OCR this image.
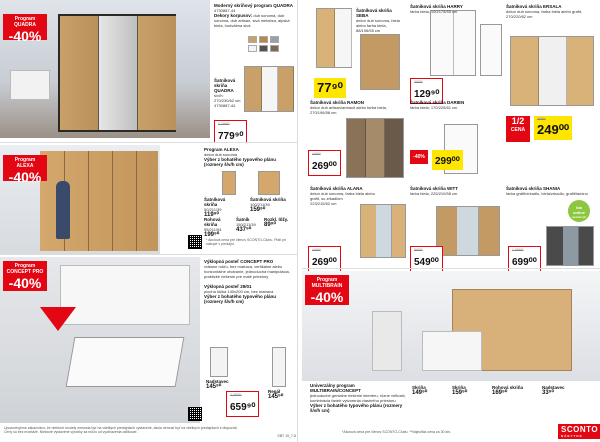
Program
QUADRA
-40%
Moderný skriňový program QUADRA
4730887-44
Dekory korpusov: dub sonoma, dub sonoma, dub artisan, sivá metalíza, alpská biela, hodvábna sivá
Šatníková skriňa QUADRA
š/v/h: 270/230/62 cm
4730887-44
1 299⁰⁰
779⁹⁰
Program
ALEXA
-40%
Program ALEXA
dekor dub sonoma
Výber z bohatého typového plánu (rozmery š/v/h cm)
Šatníková skriňa
50/211/39
119⁹⁰
Šatníková skriňa
100/211/39
159⁹⁰
Rohová skriňa
95/211/94
199⁹⁰
Šatník
150/211/39
437⁹⁰
Rozkl. lôžy.
89⁹⁰
* Akciová cena pre členov SCONTO-Clubu. Platí pri nákupe v predajni.
Program
CONCEPT PRO
-40%
Výklopná posteľ CONCEPT PRO
vrátane rošťu, bez matraca, vertikálne alebo horizontálne otváranie, jednoduchá manipulácia, praktické riešenie pre malé priestory

Výklopná posteľ 29/01
plocha lôžka 140x200 cm, bez matraca
Výber z bohatého typového plánu (rozmery š/v/h cm)
Nadstavec
145⁹⁰
Regál
145⁹⁰
1 099⁰⁰
659⁹⁰
Upozorňujeme zákazníkov, že niektoré modely nemusia byť na všetkých predajniach vystavené, akcia nemusí byť na všetkých predajniach k dispozícii. Ceny sú bez montáže. Niektoré vystavené výrobky sa môžu od vyobrazenia odlišovať.
SBT 19_7-8
Šatníková skriňa SEBA
dekor dub sonoma, biela alebo farba biela, 88/196/55 cm
77⁹⁰
Šatníková skriňa HARRY
farba biela, 100/175/55 cm
259⁰⁰
129⁹⁰
Šatníková skriňa ERSALA
dekor dub sonoma, farba biela alebo grafit, 270/220/62 cm
1/2
CENA
499⁰⁰
249⁰⁰
Šatníková skriňa RAMON
dekor dub artisan/antracit alebo farba biela, 270/196/58 cm
449⁰⁰
269⁰⁰
Šatníková skriňa DARIEN
farba biela, 170/225/61 cm
-40%	299⁰⁰
Šatníková skriňa ALANA
dekor dub sonoma, farba biela alebo grafit, so zrkadlom
223/215/62 cm
449⁰⁰
269⁰⁰
Šatníková skriňa WITT
farba biela, 225/210/58 cm
899⁰⁰
549⁰⁰
Šatníková skriňa SHANIA
farba grafit/zrkadlo, biela/zrkadlo, grafit/lamino
iba
online
sconto.sk
1 099⁰⁰
699⁰⁰
Program
MULTIBRAIN
-40%
Univerzálny program MULTIBRAIN/CONCEPT
jednoduché genialne riešenie interiéru, rôzne veľkosti, kombinácia farieb vytvorenia vlastného priestoru
Výber z bohatého typového plánu (rozmery š/v/h cm)
Skriňa
149⁹⁰
Skriňa
159⁹⁰
Rohová skriňa
169⁹⁰
Nadstavec
33⁹⁰
*Akciová cena pre členov SCONTO-Clubu. **Najnižšia cena za 30 dní.	SCONTO
NÁBYTOK
